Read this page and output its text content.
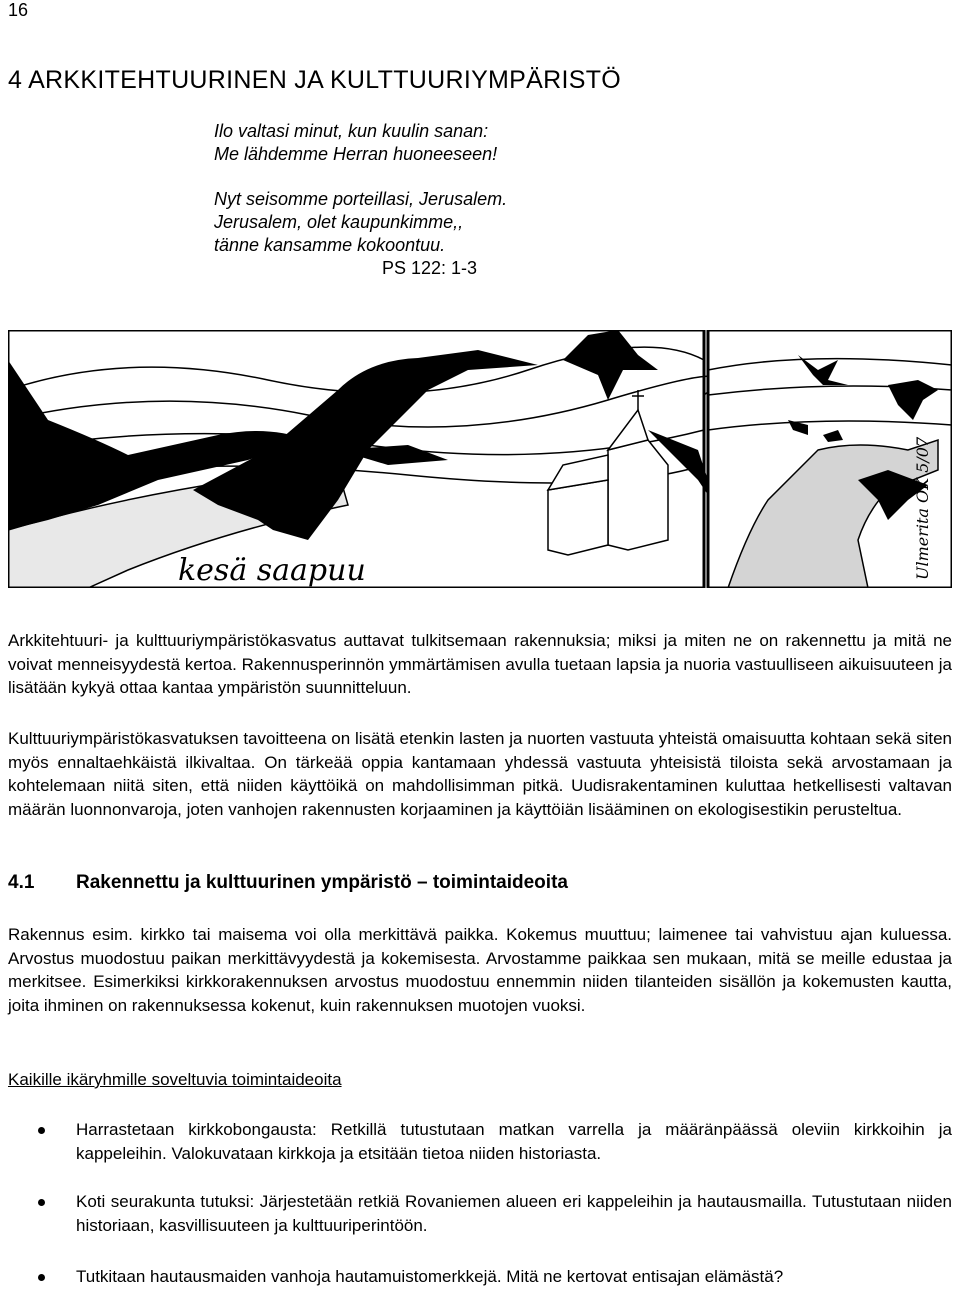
16
4 ARKKITEHTUURINEN JA KULTTUURIYMPÄRISTÖ
Ilo valtasi minut, kun kuulin sanan:
Me lähdemme Herran huoneeseen!
Nyt seisomme porteillasi, Jerusalem.
Jerusalem, olet kaupunkimme,,
tänne kansamme kokoontuu.
PS 122: 1-3
kesä saapuu	Ulmerita OK 5/07
Arkkitehtuuri- ja kulttuuriympäristökasvatus auttavat tulkitsemaan rakennuksia; miksi ja miten ne on rakennettu ja mitä ne voivat menneisyydestä kertoa. Rakennusperinnön ymmärtämisen avulla tuetaan lapsia ja nuoria vastuulliseen aikuisuuteen ja lisätään kykyä ottaa kantaa ympäristön suunnitteluun.
Kulttuuriympäristökasvatuksen tavoitteena on lisätä etenkin lasten ja nuorten vastuuta yhteistä omaisuutta kohtaan sekä siten myös ennaltaehkäistä ilkivaltaa. On tärkeää oppia kantamaan yhdessä vastuuta yhteisistä tiloista sekä arvostamaan ja kohtelemaan niitä siten, että niiden käyttöikä on mahdollisimman pitkä. Uudisrakentaminen kuluttaa hetkellisesti valtavan määrän luonnonvaroja, joten vanhojen rakennusten korjaaminen ja käyttöiän lisääminen on ekologisestikin perusteltua.
4.1 Rakennettu ja kulttuurinen ympäristö – toimintaideoita
Rakennus esim. kirkko tai maisema voi olla merkittävä paikka. Kokemus muuttuu; laimenee tai vahvistuu ajan kuluessa. Arvostus muodostuu paikan merkittävyydestä ja kokemisesta. Arvostamme paikkaa sen mukaan, mitä se meille edustaa ja merkitsee. Esimerkiksi kirkkorakennuksen arvostus muodostuu ennemmin niiden tilanteiden sisällön ja kokemusten kautta, joita ihminen on rakennuksessa kokenut, kuin rakennuksen muotojen vuoksi.
Kaikille ikäryhmille soveltuvia toimintaideoita
Harrastetaan kirkkobongausta: Retkillä tutustutaan matkan varrella ja määränpäässä oleviin kirkkoihin ja kappeleihin. Valokuvataan kirkkoja ja etsitään tietoa niiden historiasta.
Koti seurakunta tutuksi: Järjestetään retkiä Rovaniemen alueen eri kappeleihin ja hautausmailla. Tutustutaan niiden historiaan, kasvillisuuteen ja kulttuuriperintöön.
Tutkitaan hautausmaiden vanhoja hautamuistomerkkejä. Mitä ne kertovat entisajan elämästä?
